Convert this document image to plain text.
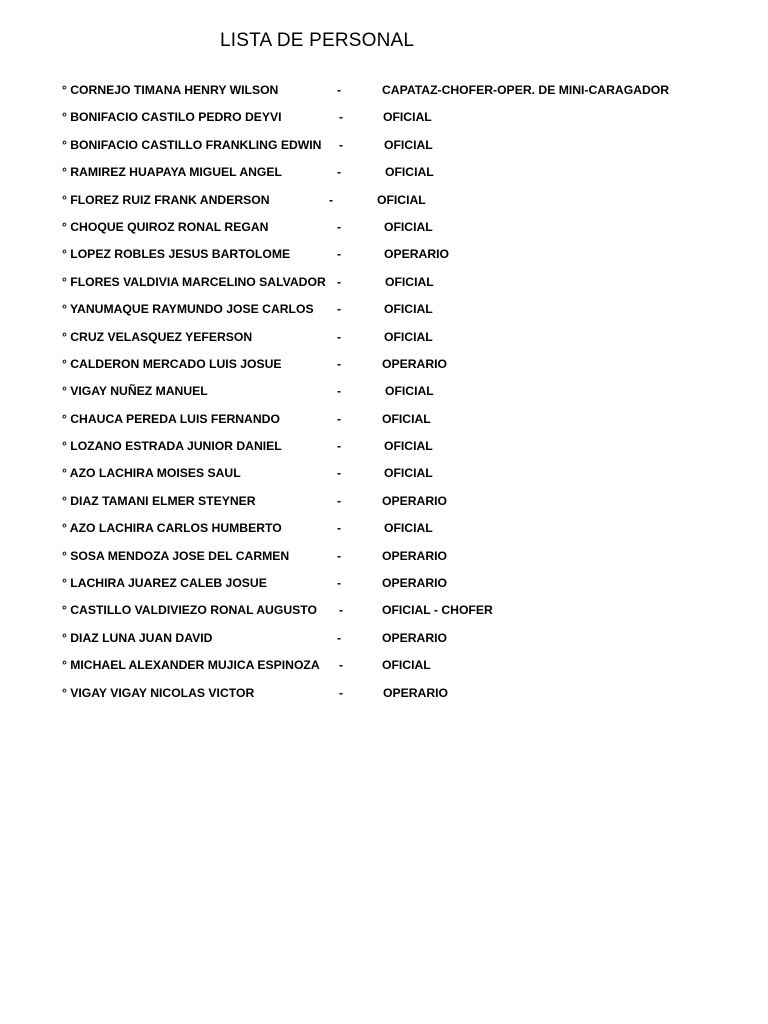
LISTA DE PERSONAL
° CORNEJO TIMANA HENRY WILSON	-	CAPATAZ-CHOFER-OPER. DE MINI-CARAGADOR
° BONIFACIO CASTILO PEDRO DEYVI	-	OFICIAL
° BONIFACIO CASTILLO FRANKLING EDWIN -	OFICIAL
° RAMIREZ HUAPAYA MIGUEL ANGEL	-	OFICIAL
° FLOREZ RUIZ FRANK ANDERSON	-	OFICIAL
° CHOQUE QUIROZ RONAL REGAN	-	OFICIAL
° LOPEZ ROBLES JESUS BARTOLOME	-	OPERARIO
° FLORES VALDIVIA MARCELINO SALVADOR -	OFICIAL
° YANUMAQUE RAYMUNDO JOSE CARLOS -	OFICIAL
° CRUZ VELASQUEZ YEFERSON	-	OFICIAL
° CALDERON MERCADO LUIS JOSUE	-	OPERARIO
° VIGAY NUÑEZ MANUEL	-	OFICIAL
° CHAUCA PEREDA LUIS FERNANDO	-	OFICIAL
° LOZANO ESTRADA JUNIOR DANIEL	-	OFICIAL
° AZO LACHIRA MOISES SAUL	-	OFICIAL
° DIAZ TAMANI ELMER STEYNER	-	OPERARIO
° AZO LACHIRA CARLOS HUMBERTO	-	OFICIAL
° SOSA MENDOZA JOSE DEL CARMEN	-	OPERARIO
° LACHIRA JUAREZ CALEB JOSUE	-	OPERARIO
° CASTILLO VALDIVIEZO RONAL AUGUSTO -	OFICIAL - CHOFER
° DIAZ LUNA JUAN DAVID	-	OPERARIO
° MICHAEL ALEXANDER MUJICA ESPINOZA -	OFICIAL
° VIGAY VIGAY NICOLAS VICTOR	-	OPERARIO
